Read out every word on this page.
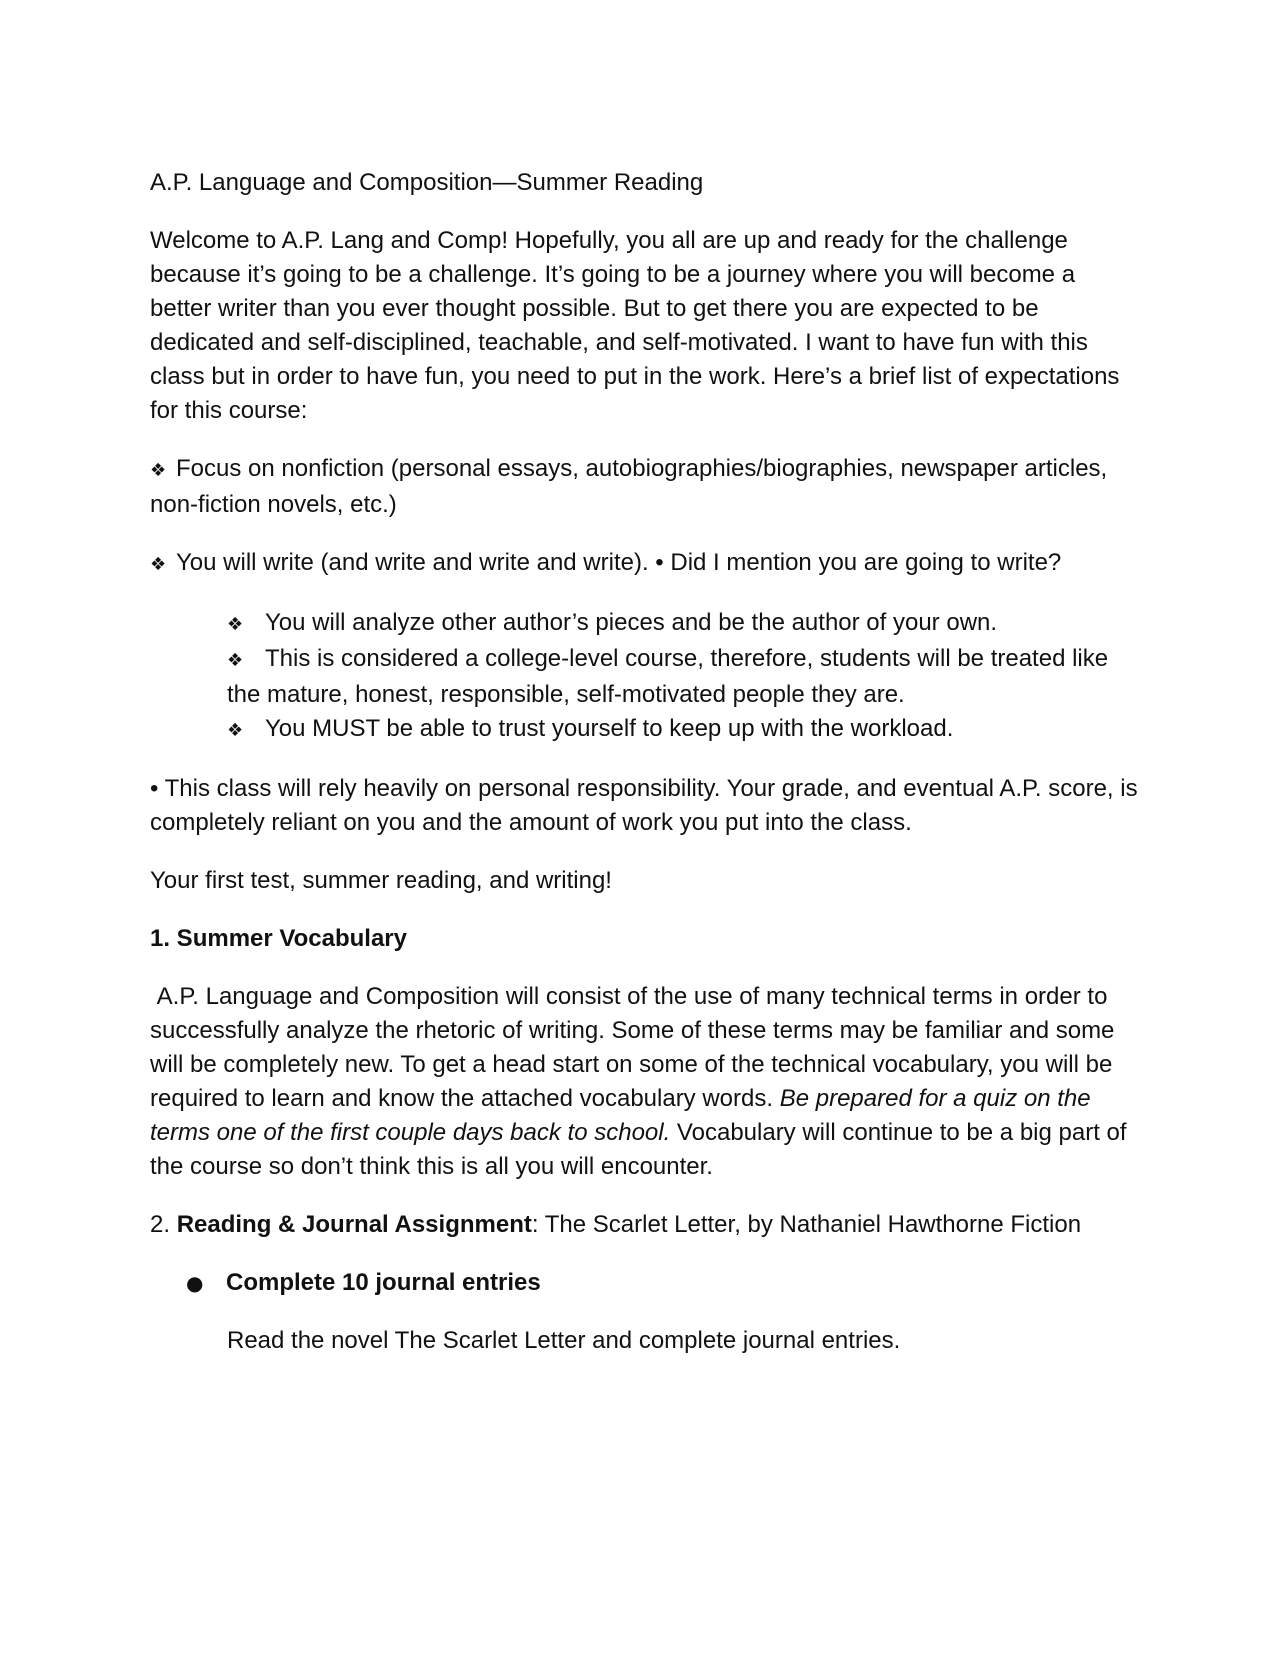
A.P. Language and Composition—Summer Reading

Welcome to A.P. Lang and Comp! Hopefully, you all are up and ready for the challenge because it’s going to be a challenge. It’s going to be a journey where you will become a better writer than you ever thought possible. But to get there you are expected to be dedicated and self-disciplined, teachable, and self-motivated. I want to have fun with this class but in order to have fun, you need to put in the work. Here’s a brief list of expectations for this course:

❖ Focus on nonfiction (personal essays, autobiographies/biographies, newspaper articles, non-fiction novels, etc.)

❖ You will write (and write and write and write). • Did I mention you are going to write?

❖ You will analyze other author’s pieces and be the author of your own.
❖ This is considered a college-level course, therefore, students will be treated like the mature, honest, responsible, self-motivated people they are.
❖ You MUST be able to trust yourself to keep up with the workload.

• This class will rely heavily on personal responsibility. Your grade, and eventual A.P. score, is completely reliant on you and the amount of work you put into the class.

Your first test, summer reading, and writing!

1. Summer Vocabulary

A.P. Language and Composition will consist of the use of many technical terms in order to successfully analyze the rhetoric of writing. Some of these terms may be familiar and some will be completely new. To get a head start on some of the technical vocabulary, you will be required to learn and know the attached vocabulary words. Be prepared for a quiz on the terms one of the first couple days back to school. Vocabulary will continue to be a big part of the course so don’t think this is all you will encounter.

2. Reading & Journal Assignment: The Scarlet Letter, by Nathaniel Hawthorne Fiction

● Complete 10 journal entries

Read the novel The Scarlet Letter and complete journal entries.
